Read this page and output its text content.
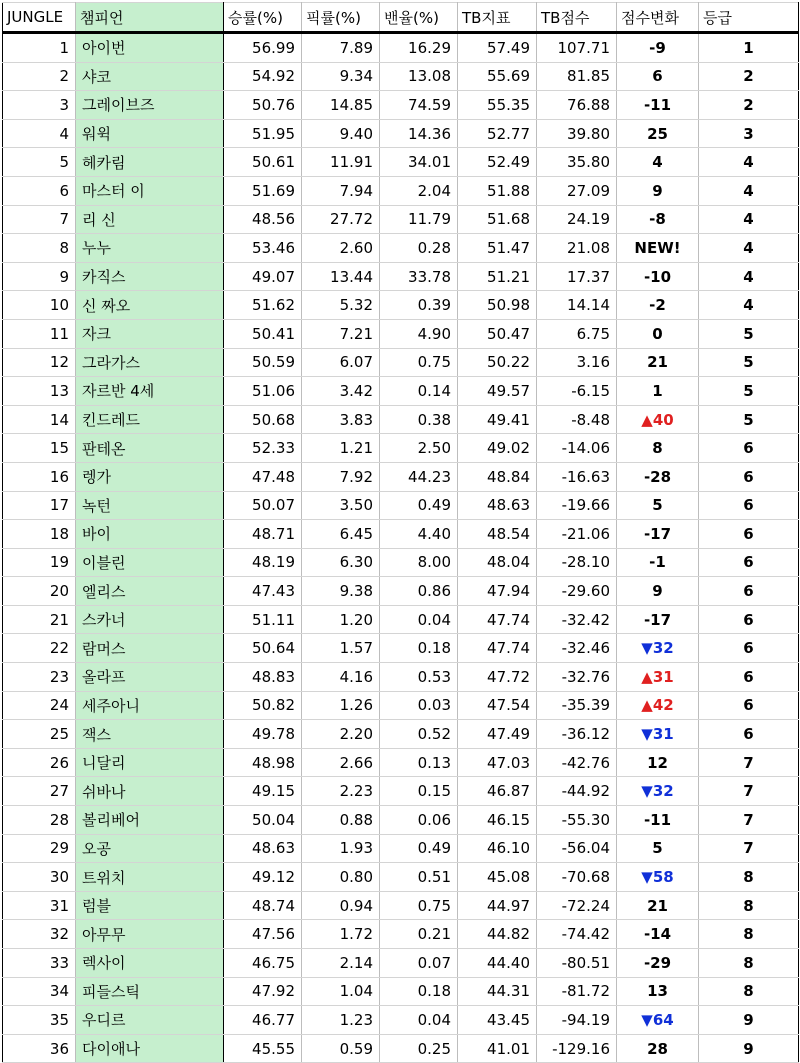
JUNGLE	챔피언	승률(%)	픽률(%)	밴율(%)	TB지표	TB점수	점수변화	등급
1	아이번	56.99	7.89	16.29	57.49	107.71	-9	1
2	샤코	54.92	9.34	13.08	55.69	81.85	6	2
3	그레이브즈	50.76	14.85	74.59	55.35	76.88	-11	2
4	워윅	51.95	9.40	14.36	52.77	39.80	25	3
5	헤카림	50.61	11.91	34.01	52.49	35.80	4	4
6	마스터 이	51.69	7.94	2.04	51.88	27.09	9	4
7	리 신	48.56	27.72	11.79	51.68	24.19	-8	4
8	누누	53.46	2.60	0.28	51.47	21.08	NEW!	4
9	카직스	49.07	13.44	33.78	51.21	17.37	-10	4
10	신 짜오	51.62	5.32	0.39	50.98	14.14	-2	4
11	자크	50.41	7.21	4.90	50.47	6.75	0	5
12	그라가스	50.59	6.07	0.75	50.22	3.16	21	5
13	자르반 4세	51.06	3.42	0.14	49.57	-6.15	1	5
14	킨드레드	50.68	3.83	0.38	49.41	-8.48	▲40	5
15	판테온	52.33	1.21	2.50	49.02	-14.06	8	6
16	렝가	47.48	7.92	44.23	48.84	-16.63	-28	6
17	녹턴	50.07	3.50	0.49	48.63	-19.66	5	6
18	바이	48.71	6.45	4.40	48.54	-21.06	-17	6
19	이블린	48.19	6.30	8.00	48.04	-28.10	-1	6
20	엘리스	47.43	9.38	0.86	47.94	-29.60	9	6
21	스카너	51.11	1.20	0.04	47.74	-32.42	-17	6
22	람머스	50.64	1.57	0.18	47.74	-32.46	▼32	6
23	올라프	48.83	4.16	0.53	47.72	-32.76	▲31	6
24	세주아니	50.82	1.26	0.03	47.54	-35.39	▲42	6
25	잭스	49.78	2.20	0.52	47.49	-36.12	▼31	6
26	니달리	48.98	2.66	0.13	47.03	-42.76	12	7
27	쉬바나	49.15	2.23	0.15	46.87	-44.92	▼32	7
28	볼리베어	50.04	0.88	0.06	46.15	-55.30	-11	7
29	오공	48.63	1.93	0.49	46.10	-56.04	5	7
30	트위치	49.12	0.80	0.51	45.08	-70.68	▼58	8
31	럼블	48.74	0.94	0.75	44.97	-72.24	21	8
32	아무무	47.56	1.72	0.21	44.82	-74.42	-14	8
33	렉사이	46.75	2.14	0.07	44.40	-80.51	-29	8
34	피들스틱	47.92	1.04	0.18	44.31	-81.72	13	8
35	우디르	46.77	1.23	0.04	43.45	-94.19	▼64	9
36	다이애나	45.55	0.59	0.25	41.01	-129.16	28	9
